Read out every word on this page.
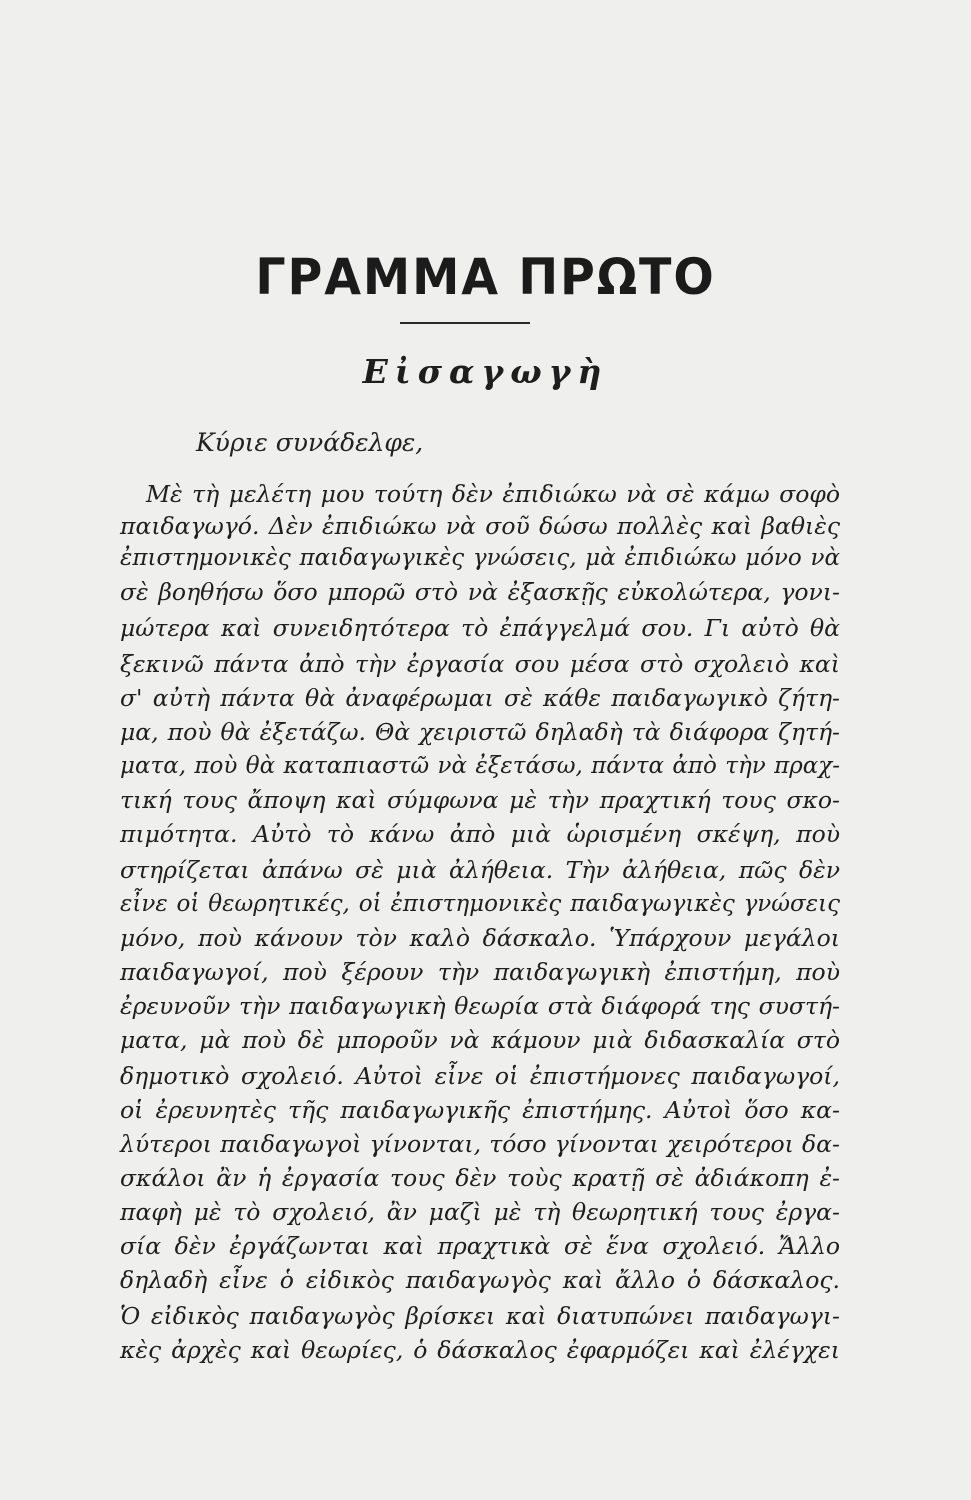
ΓΡΑΜΜΑ ΠΡΩΤΟ
Εἰσαγωγὴ

Κύριε συνάδελφε,

Μὲ τὴ μελέτη μου τούτη δὲν ἐπιδιώκω νὰ σὲ κάμω σοφὸ

παιδαγωγό. Δὲν ἐπιδιώκω νὰ σοῦ δώσω πολλὲς καὶ βαθιὲς

ἐπιστημονικὲς παιδαγωγικὲς γνώσεις, μὰ ἐπιδιώκω μόνο νὰ

σὲ βοηθήσω ὅσο μπορῶ στὸ νὰ ἐξασκῇς εὐκολώτερα, γονι-

μώτερα καὶ συνειδητότερα τὸ ἐπάγγελμά σου. Γι αὐτὸ θὰ

ξεκινῶ πάντα ἀπὸ τὴν ἐργασία σου μέσα στὸ σχολειὸ καὶ

σ' αὐτὴ πάντα θὰ ἀναφέρωμαι σὲ κάθε παιδαγωγικὸ ζήτη-

μα, ποὺ θὰ ἐξετάζω. Θὰ χειριστῶ δηλαδὴ τὰ διάφορα ζητή-

ματα, ποὺ θὰ καταπιαστῶ νὰ ἐξετάσω, πάντα ἀπὸ τὴν πραχ-

τική τους ἄποψη καὶ σύμφωνα μὲ τὴν πραχτική τους σκο-

πιμότητα. Αὐτὸ τὸ κάνω ἀπὸ μιὰ ὡρισμένη σκέψη, ποὺ

στηρίζεται ἀπάνω σὲ μιὰ ἀλήθεια. Τὴν ἀλήθεια, πῶς δὲν

εἶνε οἱ θεωρητικές, οἱ ἐπιστημονικὲς παιδαγωγικὲς γνώσεις

μόνο, ποὺ κάνουν τὸν καλὸ δάσκαλο. Ὑπάρχουν μεγάλοι

παιδαγωγοί, ποὺ ξέρουν τὴν παιδαγωγικὴ ἐπιστήμη, ποὺ

ἐρευνοῦν τὴν παιδαγωγικὴ θεωρία στὰ διάφορά της συστή-

ματα, μὰ ποὺ δὲ μποροῦν νὰ κάμουν μιὰ διδασκαλία στὸ

δημοτικὸ σχολειό. Αὐτοὶ εἶνε οἱ ἐπιστήμονες παιδαγωγοί,

οἱ ἐρευνητὲς τῆς παιδαγωγικῆς ἐπιστήμης. Αὐτοὶ ὅσο κα-

λύτεροι παιδαγωγοὶ γίνονται, τόσο γίνονται χειρότεροι δα-

σκάλοι ἂν ἡ ἐργασία τους δὲν τοὺς κρατῇ σὲ ἀδιάκοπη ἐ-

παφὴ μὲ τὸ σχολειό, ἂν μαζὶ μὲ τὴ θεωρητική τους ἐργα-

σία δὲν ἐργάζωνται καὶ πραχτικὰ σὲ ἕνα σχολειό. Ἄλλο

δηλαδὴ εἶνε ὁ εἰδικὸς παιδαγωγὸς καὶ ἄλλο ὁ δάσκαλος.

Ὁ εἰδικὸς παιδαγωγὸς βρίσκει καὶ διατυπώνει παιδαγωγι-

κὲς ἀρχὲς καὶ θεωρίες, ὁ δάσκαλος ἐφαρμόζει καὶ ἐλέγχει
